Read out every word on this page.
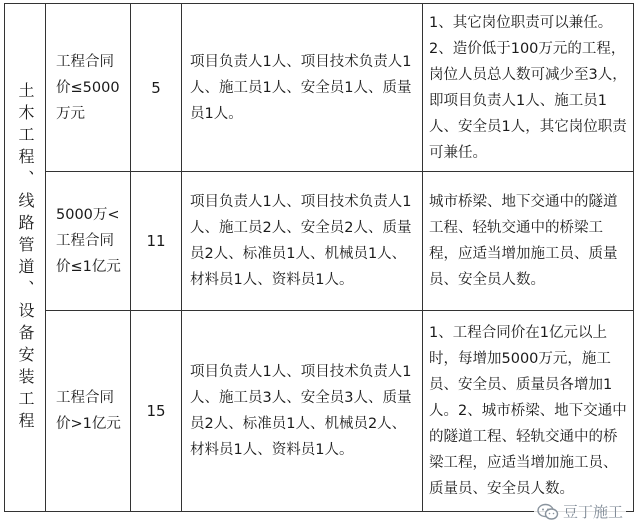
土木工程、线路管道、设备安装工程	工程合同价≤5000万元	5	项目负责人1人、项目技术负责人1人、施工员1人、安全员1人、质量员1人。	1、其它岗位职责可以兼任。2、造价低于100万元的工程，岗位人员总人数可减少至3人，即项目负责人1人、施工员1人、安全员1人，其它岗位职责可兼任。
	5000万<工程合同价≤1亿元	11	项目负责人1人、项目技术负责人1人、施工员2人、安全员2人、质量员2人、标准员1人、机械员1人、材料员1人、资料员1人。	城市桥梁、地下交通中的隧道工程、轻轨交通中的桥梁工程，应适当增加施工员、质量员、安全员人数。
	工程合同价>1亿元	15	项目负责人1人、项目技术负责人1人、施工员3人、安全员3人、质量员2人、标准员1人、机械员2人、材料员1人、资料员1人。	1、工程合同价在1亿元以上时，每增加5000万元，施工员、安全员、质量员各增加1人。2、城市桥梁、地下交通中的隧道工程、轻轨交通中的桥梁工程，应适当增加施工员、质量员、安全员人数。
豆丁施工
